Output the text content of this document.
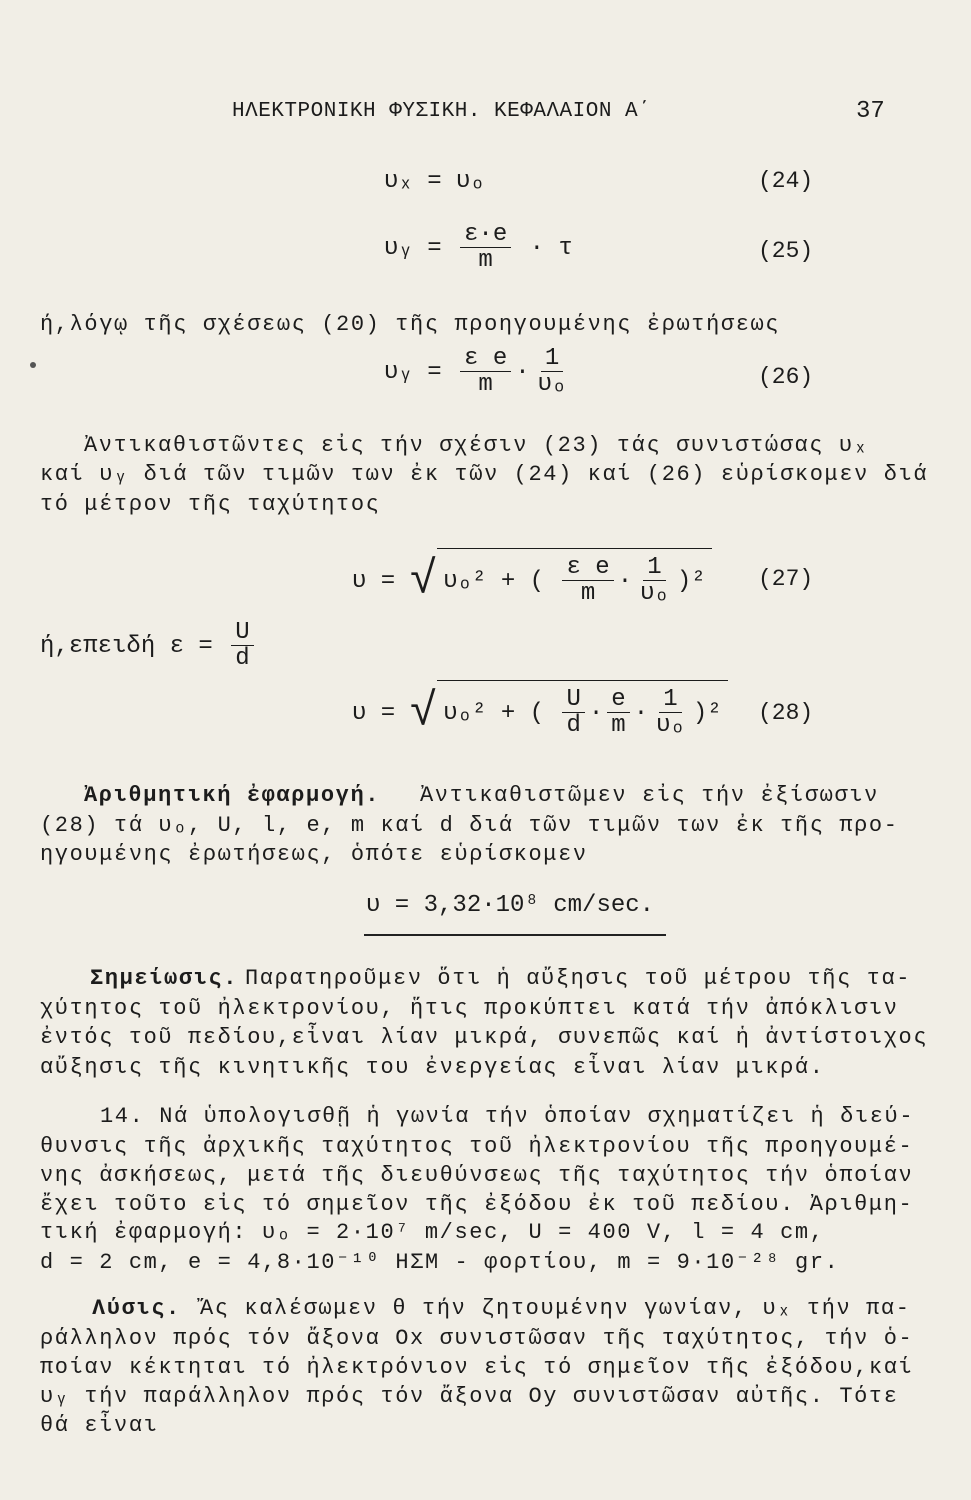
ΗΛΕΚΤΡΟΝΙΚΗ ΦΥΣΙΚΗ. ΚΕΦΑΛΑΙΟΝ Α΄	37
υₓ = υₒ	(24)
υᵧ = $\frac{\varepsilon\cdot e}{m} \cdot \tau$	(25)
ή,λόγῳ τῆς σχέσεως (20) τῆς προηγουμένης ἐρωτήσεως
υᵧ = $\frac{\text{ε e}}{m} \cdot \frac{1}{\text{υₒ}}$	(26)
Ἀντικαθιστῶντες εἰς τήν σχέσιν (23) τάς συνιστώσας υₓ
καί υᵧ διά τῶν τιμῶν των ἐκ τῶν (24) καί (26) εὑρίσκομεν διά
τό μέτρον τῆς ταχύτητος
υ = √ υₒ² + ( $\frac{\text{ε e}}{m} \cdot \frac{1}{\text{υₒ}} )^2$ (27)
ή,επειδή $\varepsilon = \frac{U}{d}$
υ = √ υₒ² + ( $\frac{U}{d} \cdot \frac{e}{m} \cdot \frac{1}{\text{υₒ}} )^2$ (28)
Ἀριθμητική ἐφαρμογή. Ἀντικαθιστῶμεν εἰς τήν ἐξίσωσιν
(28) τά υₒ, U, l, e, m καί d διά τῶν τιμῶν των ἐκ τῆς προ-
ηγουμένης ἐρωτήσεως, ὁπότε εὑρίσκομεν
υ = 3,32·10⁸ cm/sec.
Σημείωσις. Παρατηροῦμεν ὅτι ἡ αὔξησις τοῦ μέτρου τῆς τα-
χύτητος τοῦ ἠλεκτρονίου, ἥτις προκύπτει κατά τήν ἀπόκλισιν
ἐντός τοῦ πεδίου,εἶναι λίαν μικρά, συνεπῶς καί ἡ ἀντίστοιχος
αὔξησις τῆς κινητικῆς του ἐνεργείας εἶναι λίαν μικρά.
14. Νά ὑπολογισθῇ ἡ γωνία τήν ὁποίαν σχηματίζει ἡ διεύ-
θυνσις τῆς ἀρχικῆς ταχύτητος τοῦ ἠλεκτρονίου τῆς προηγουμέ-
νης ἀσκήσεως, μετά τῆς διευθύνσεως τῆς ταχύτητος τήν ὁποίαν
ἔχει τοῦτο εἰς τό σημεῖον τῆς ἐξόδου ἐκ τοῦ πεδίου. Ἀριθμη-
τική ἐφαρμογή: υₒ = 2·10⁷ m/sec, U = 400 V, l = 4 cm,
d = 2 cm, e = 4,8·10⁻¹⁰ ΗΣΜ - φορτίου, m = 9·10⁻²⁸ gr.
Λύσις. Ἄς καλέσωμεν θ τήν ζητουμένην γωνίαν, υₓ τήν πα-
ράλληλον πρός τόν ἄξονα Ox συνιστῶσαν τῆς ταχύτητος, τήν ὁ-
ποίαν κέκτηται τό ἠλεκτρόνιον εἰς τό σημεῖον τῆς ἐξόδου,καί
υᵧ τήν παράλληλον πρός τόν ἄξονα Oy συνιστῶσαν αὐτῆς. Τότε
θά εἶναι
